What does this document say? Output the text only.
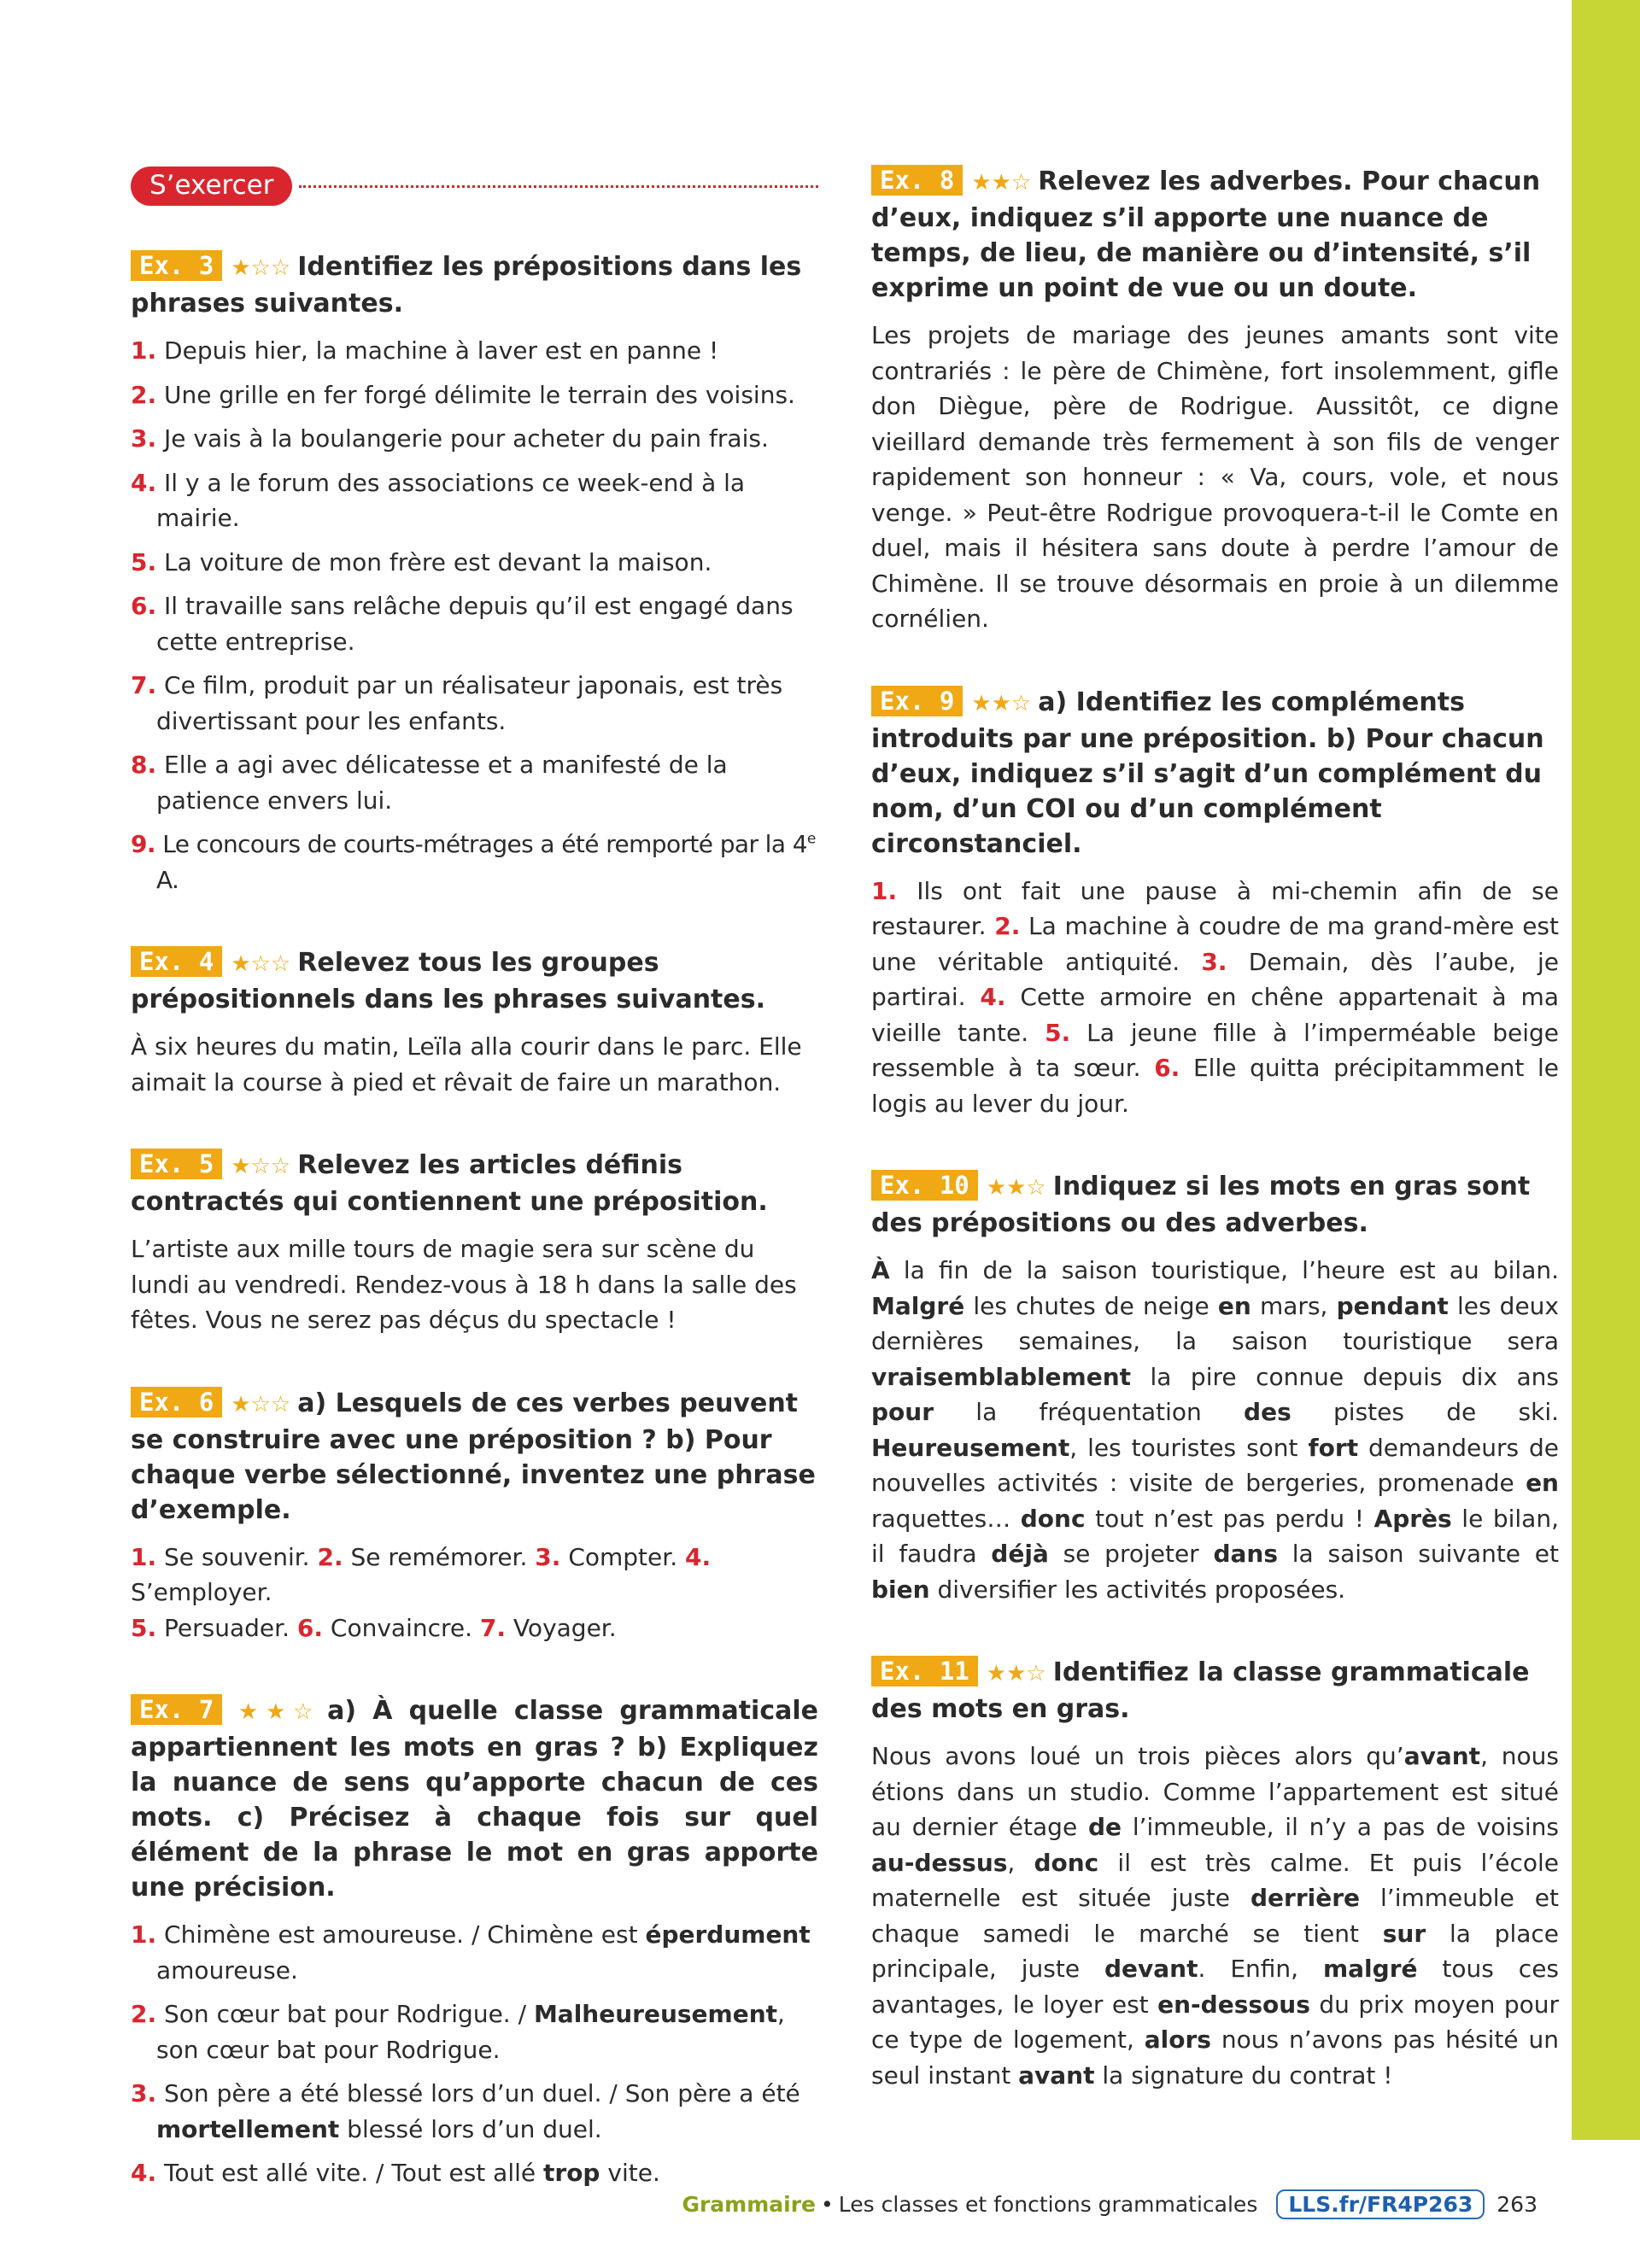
S’exercer

Ex. 3 ★☆☆ Identifiez les prépositions dans les phrases suivantes.

1. Depuis hier, la machine à laver est en panne !
2. Une grille en fer forgé délimite le terrain des voisins.
3. Je vais à la boulangerie pour acheter du pain frais.
4. Il y a le forum des associations ce week-end à la mairie.
5. La voiture de mon frère est devant la maison.
6. Il travaille sans relâche depuis qu’il est engagé dans cette entreprise.
7. Ce film, produit par un réalisateur japonais, est très divertissant pour les enfants.
8. Elle a agi avec délicatesse et a manifesté de la patience envers lui.
9. Le concours de courts-métrages a été remporté par la 4e A.

Ex. 4 ★☆☆ Relevez tous les groupes prépositionnels dans les phrases suivantes.

À six heures du matin, Leïla alla courir dans le parc. Elle aimait la course à pied et rêvait de faire un marathon.

Ex. 5 ★☆☆ Relevez les articles définis contractés qui contiennent une préposition.

L’artiste aux mille tours de magie sera sur scène du lundi au vendredi. Rendez-vous à 18 h dans la salle des fêtes. Vous ne serez pas déçus du spectacle !

Ex. 6 ★☆☆ a) Lesquels de ces verbes peuvent se construire avec une préposition ? b) Pour chaque verbe sélectionné, inventez une phrase d’exemple.

1. Se souvenir. 2. Se remémorer. 3. Compter. 4. S’employer.
5. Persuader. 6. Convaincre. 7. Voyager.

Ex. 7 ★★☆ a) À quelle classe grammaticale appartiennent les mots en gras ? b) Expliquez la nuance de sens qu’apporte chacun de ces mots. c) Précisez à chaque fois sur quel élément de la phrase le mot en gras apporte une précision.

1. Chimène est amoureuse. / Chimène est éperdument amoureuse.
2. Son cœur bat pour Rodrigue. / Malheureusement, son cœur bat pour Rodrigue.
3. Son père a été blessé lors d’un duel. / Son père a été mortellement blessé lors d’un duel.
4. Tout est allé vite. / Tout est allé trop vite.

Ex. 8 ★★☆ Relevez les adverbes. Pour chacun d’eux, indiquez s’il apporte une nuance de temps, de lieu, de manière ou d’intensité, s’il exprime un point de vue ou un doute.

Les projets de mariage des jeunes amants sont vite contrariés : le père de Chimène, fort insolemment, gifle don Diègue, père de Rodrigue. Aussitôt, ce digne vieillard demande très fermement à son fils de venger rapidement son honneur : « Va, cours, vole, et nous venge. » Peut-être Rodrigue provoquera-t-il le Comte en duel, mais il hésitera sans doute à perdre l’amour de Chimène. Il se trouve désormais en proie à un dilemme cornélien.

Ex. 9 ★★☆ a) Identifiez les compléments introduits par une préposition. b) Pour chacun d’eux, indiquez s’il s’agit d’un complément du nom, d’un COI ou d’un complément circonstanciel.

1. Ils ont fait une pause à mi-chemin afin de se restaurer. 2. La machine à coudre de ma grand-mère est une véritable antiquité. 3. Demain, dès l’aube, je partirai. 4. Cette armoire en chêne appartenait à ma vieille tante. 5. La jeune fille à l’imperméable beige ressemble à ta sœur. 6. Elle quitta précipitamment le logis au lever du jour.

Ex. 10 ★★☆ Indiquez si les mots en gras sont des prépositions ou des adverbes.

À la fin de la saison touristique, l’heure est au bilan. Malgré les chutes de neige en mars, pendant les deux dernières semaines, la saison touristique sera vraisemblablement la pire connue depuis dix ans pour la fréquentation des pistes de ski. Heureusement, les touristes sont fort demandeurs de nouvelles activités : visite de bergeries, promenade en raquettes… donc tout n’est pas perdu ! Après le bilan, il faudra déjà se projeter dans la saison suivante et bien diversifier les activités proposées.

Ex. 11 ★★☆ Identifiez la classe grammaticale des mots en gras.

Nous avons loué un trois pièces alors qu’avant, nous étions dans un studio. Comme l’appartement est situé au dernier étage de l’immeuble, il n’y a pas de voisins au-dessus, donc il est très calme. Et puis l’école maternelle est située juste derrière l’immeuble et chaque samedi le marché se tient sur la place principale, juste devant. Enfin, malgré tous ces avantages, le loyer est en-dessous du prix moyen pour ce type de logement, alors nous n’avons pas hésité un seul instant avant la signature du contrat !

Grammaire • Les classes et fonctions grammaticales	LLS.fr/FR4P263	263
